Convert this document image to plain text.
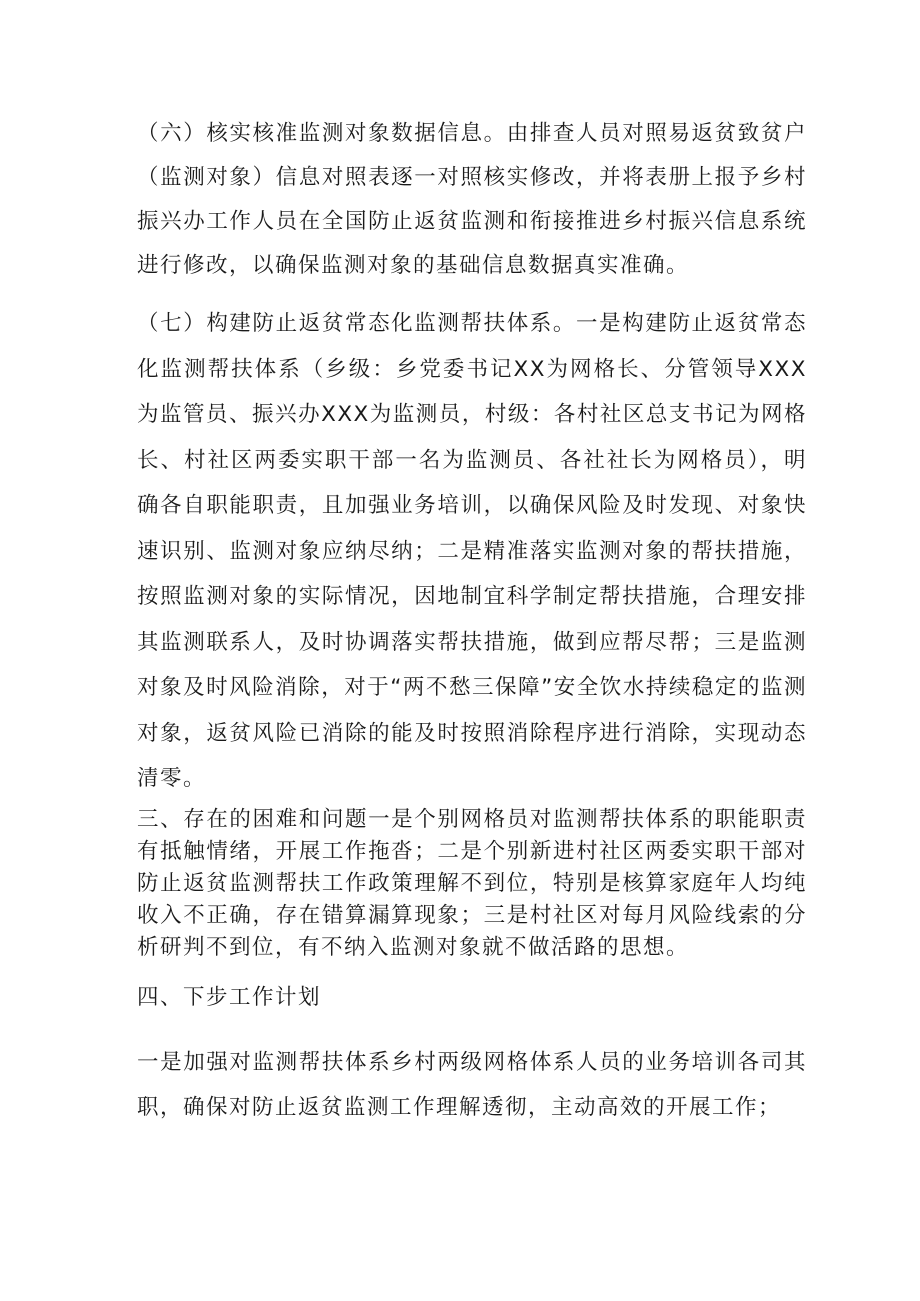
（六）核实核准监测对象数据信息。由排查人员对照易返贫致贫户（监测对象）信息对照表逐一对照核实修改，并将表册上报予乡村振兴办工作人员在全国防止返贫监测和衔接推进乡村振兴信息系统进行修改，以确保监测对象的基础信息数据真实准确。

（七）构建防止返贫常态化监测帮扶体系。一是构建防止返贫常态化监测帮扶体系（乡级：乡党委书记XX为网格长、分管领导XXX为监管员、振兴办XXX为监测员，村级：各村社区总支书记为网格长、村社区两委实职干部一名为监测员、各社社长为网格员），明确各自职能职责，且加强业务培训，以确保风险及时发现、对象快速识别、监测对象应纳尽纳；二是精准落实监测对象的帮扶措施，按照监测对象的实际情况，因地制宜科学制定帮扶措施，合理安排其监测联系人，及时协调落实帮扶措施，做到应帮尽帮；三是监测对象及时风险消除，对于“两不愁三保障”安全饮水持续稳定的监测对象，返贫风险已消除的能及时按照消除程序进行消除，实现动态清零。

三、存在的困难和问题一是个别网格员对监测帮扶体系的职能职责有抵触情绪，开展工作拖沓；二是个别新进村社区两委实职干部对防止返贫监测帮扶工作政策理解不到位，特别是核算家庭年人均纯收入不正确，存在错算漏算现象；三是村社区对每月风险线索的分析研判不到位，有不纳入监测对象就不做活路的思想。

四、下步工作计划

一是加强对监测帮扶体系乡村两级网格体系人员的业务培训各司其职，确保对防止返贫监测工作理解透彻，主动高效的开展工作；
